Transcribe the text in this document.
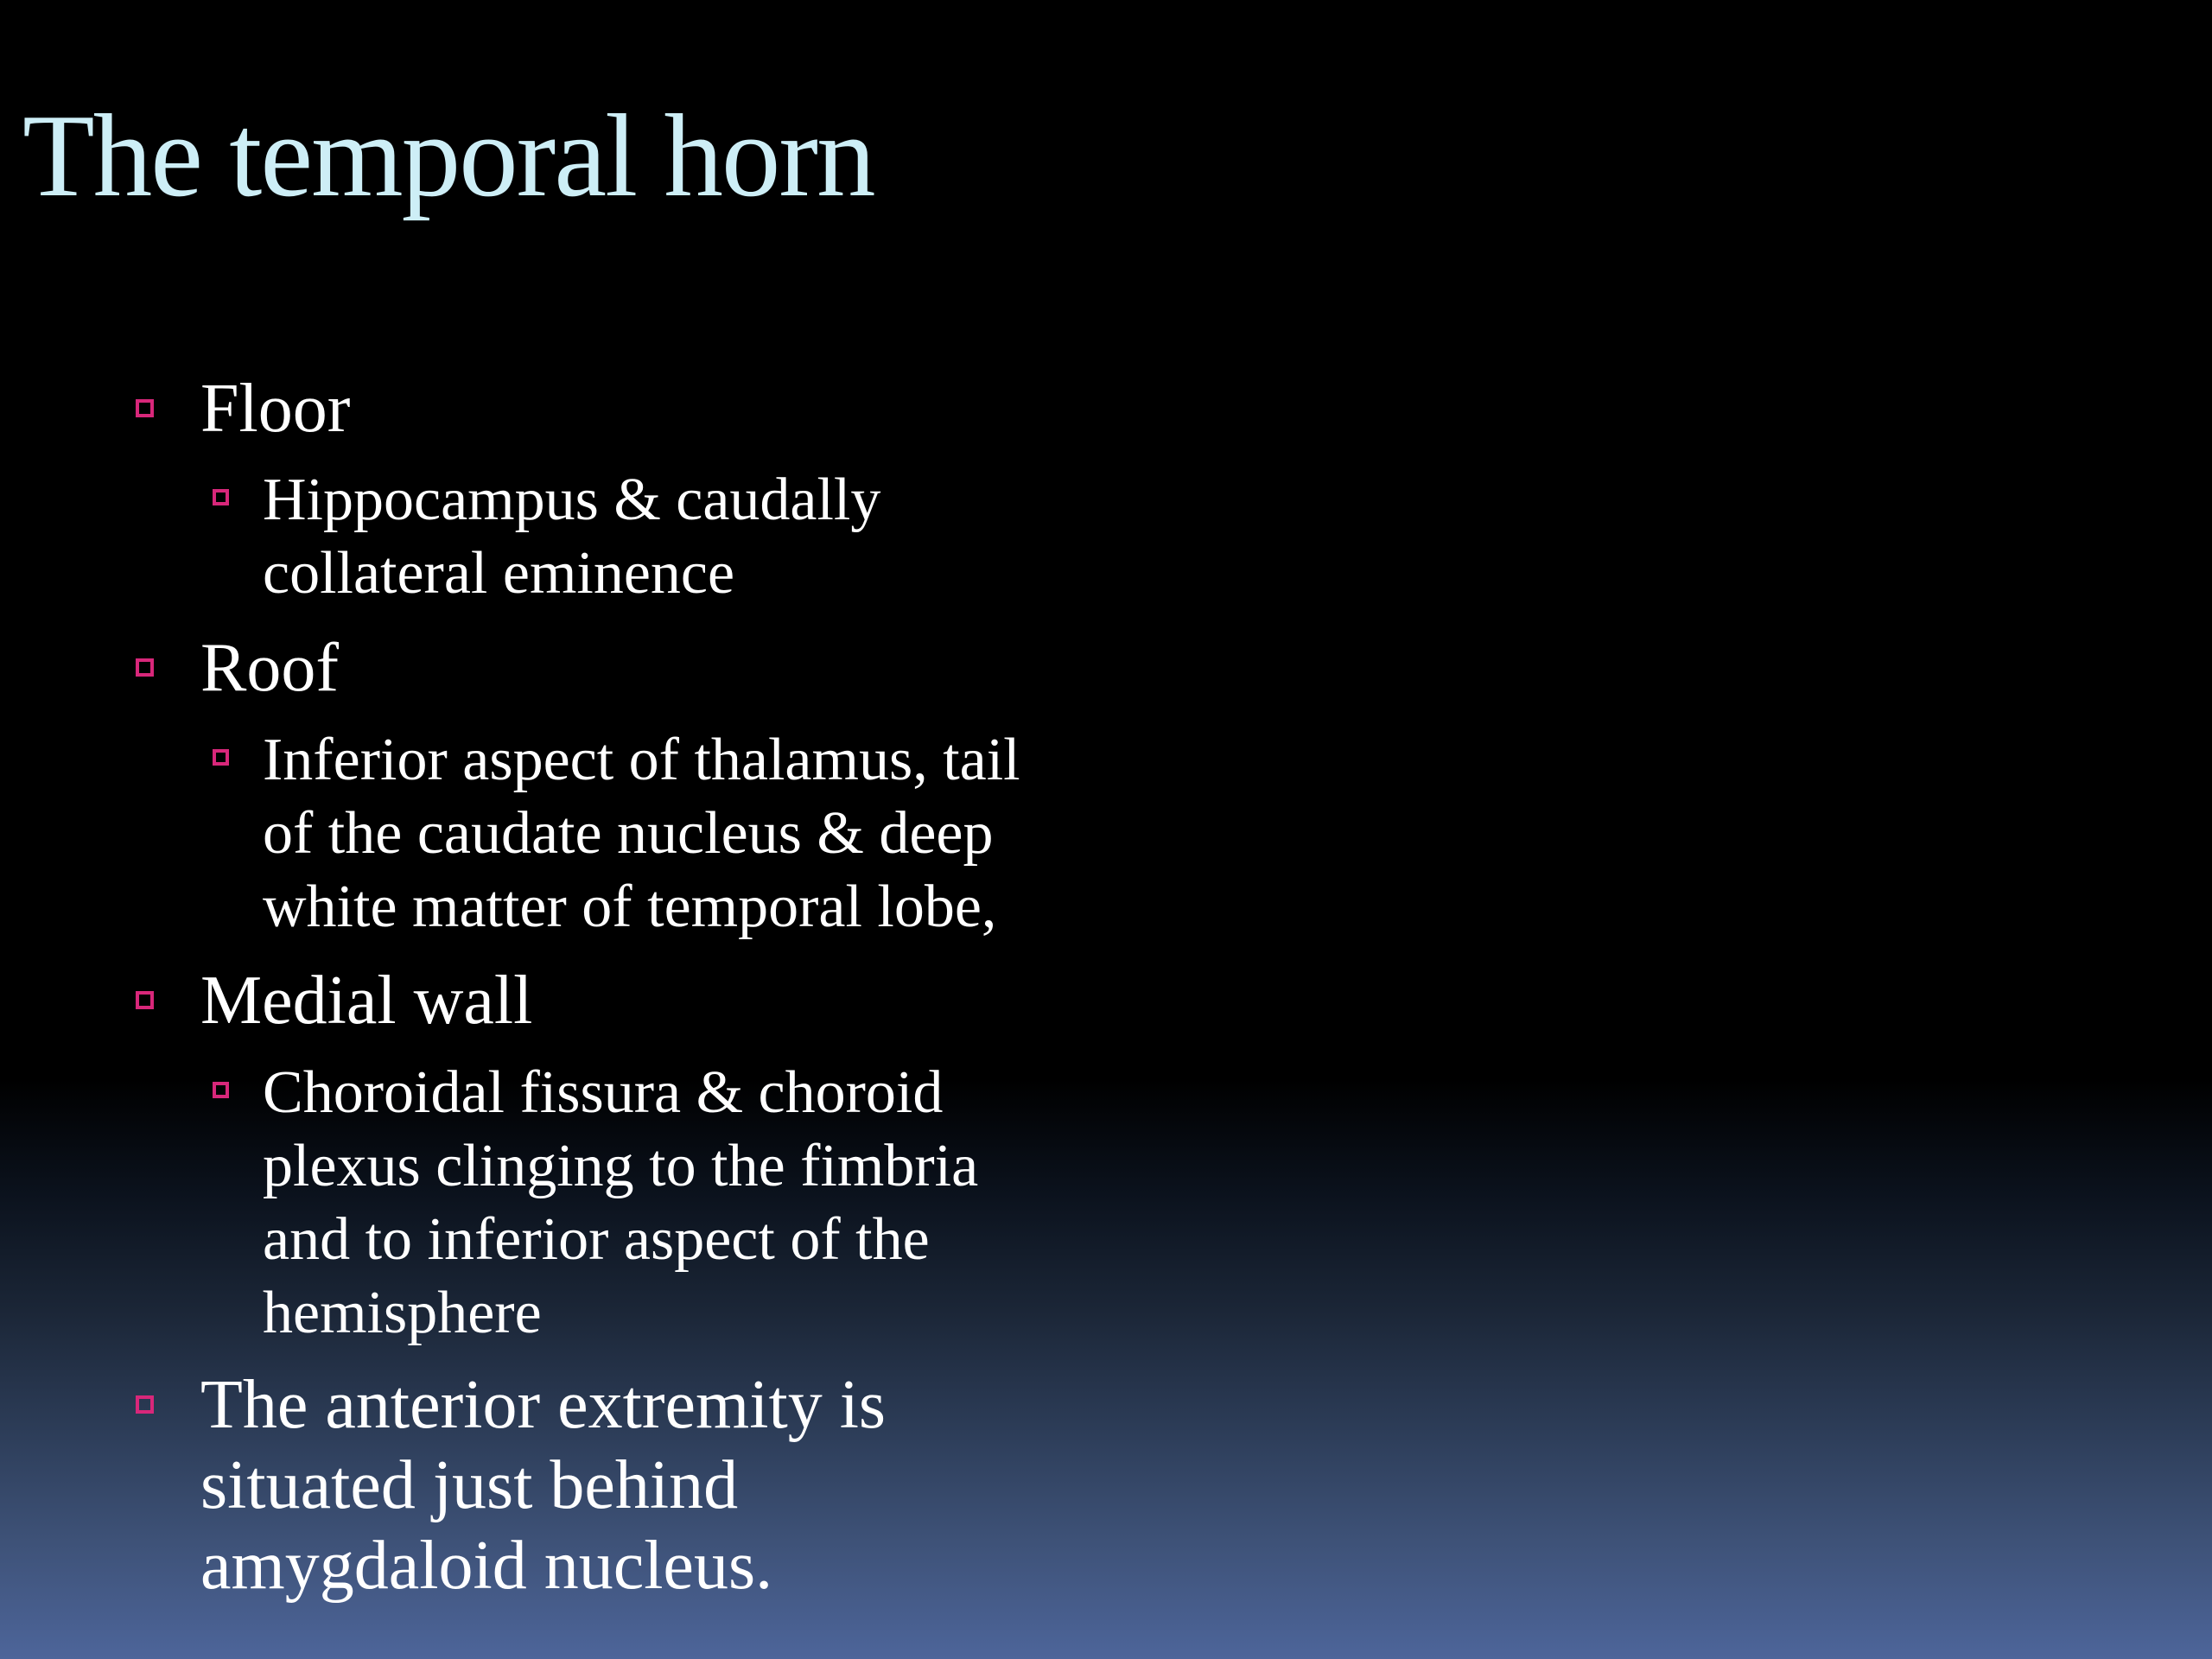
The temporal horn
Floor
Hippocampus & caudally
collateral eminence
Roof
Inferior aspect of thalamus, tail
of the caudate nucleus & deep
white matter of temporal lobe,
Medial wall
Choroidal fissura & choroid
plexus clinging to the fimbria
and to inferior aspect of the
hemisphere
The anterior extremity is
situated just behind
amygdaloid nucleus.
